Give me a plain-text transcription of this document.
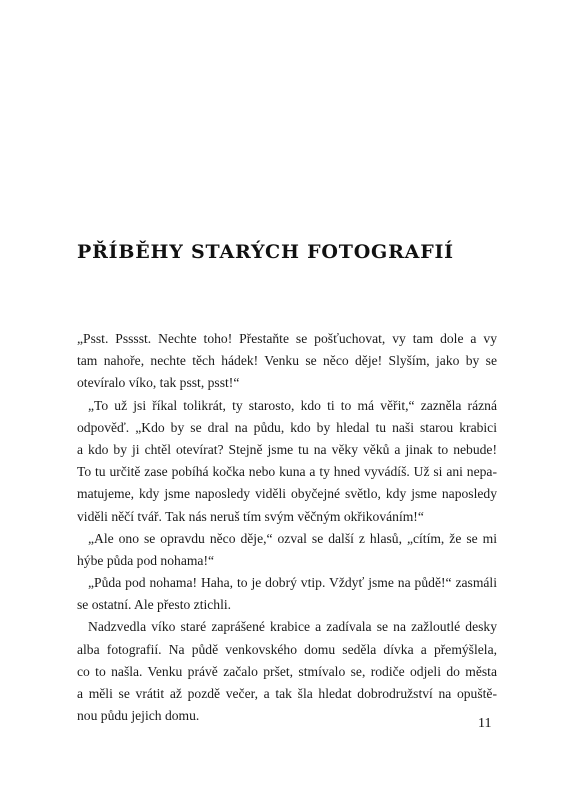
PŘÍBĚHY STARÝCH FOTOGRAFIÍ
„Psst. Psssst. Nechte toho! Přestaňte se pošťuchovat, vy tam dole a vy
tam nahoře, nechte těch hádek! Venku se něco děje! Slyším, jako by se
otevíralo víko, tak psst, psst!“
„To už jsi říkal tolikrát, ty starosto, kdo ti to má věřit,“ zazněla rázná
odpověď. „Kdo by se dral na půdu, kdo by hledal tu naši starou krabici
a kdo by ji chtěl otevírat? Stejně jsme tu na věky věků a jinak to nebude!
To tu určitě zase pobíhá kočka nebo kuna a ty hned vyvádíš. Už si ani nepa-
matujeme, kdy jsme naposledy viděli obyčejné světlo, kdy jsme naposledy
viděli něčí tvář. Tak nás neruš tím svým věčným okřikováním!“
„Ale ono se opravdu něco děje,“ ozval se další z hlasů, „cítím, že se mi
hýbe půda pod nohama!“
„Půda pod nohama! Haha, to je dobrý vtip. Vždyť jsme na půdě!“ zasmáli
se ostatní. Ale přesto ztichli.
Nadzvedla víko staré zaprášené krabice a zadívala se na zažloutlé desky
alba fotografií. Na půdě venkovského domu seděla dívka a přemýšlela,
co to našla. Venku právě začalo pršet, stmívalo se, rodiče odjeli do města
a měli se vrátit až pozdě večer, a tak šla hledat dobrodružství na opuště-
nou půdu jejich domu.
11
